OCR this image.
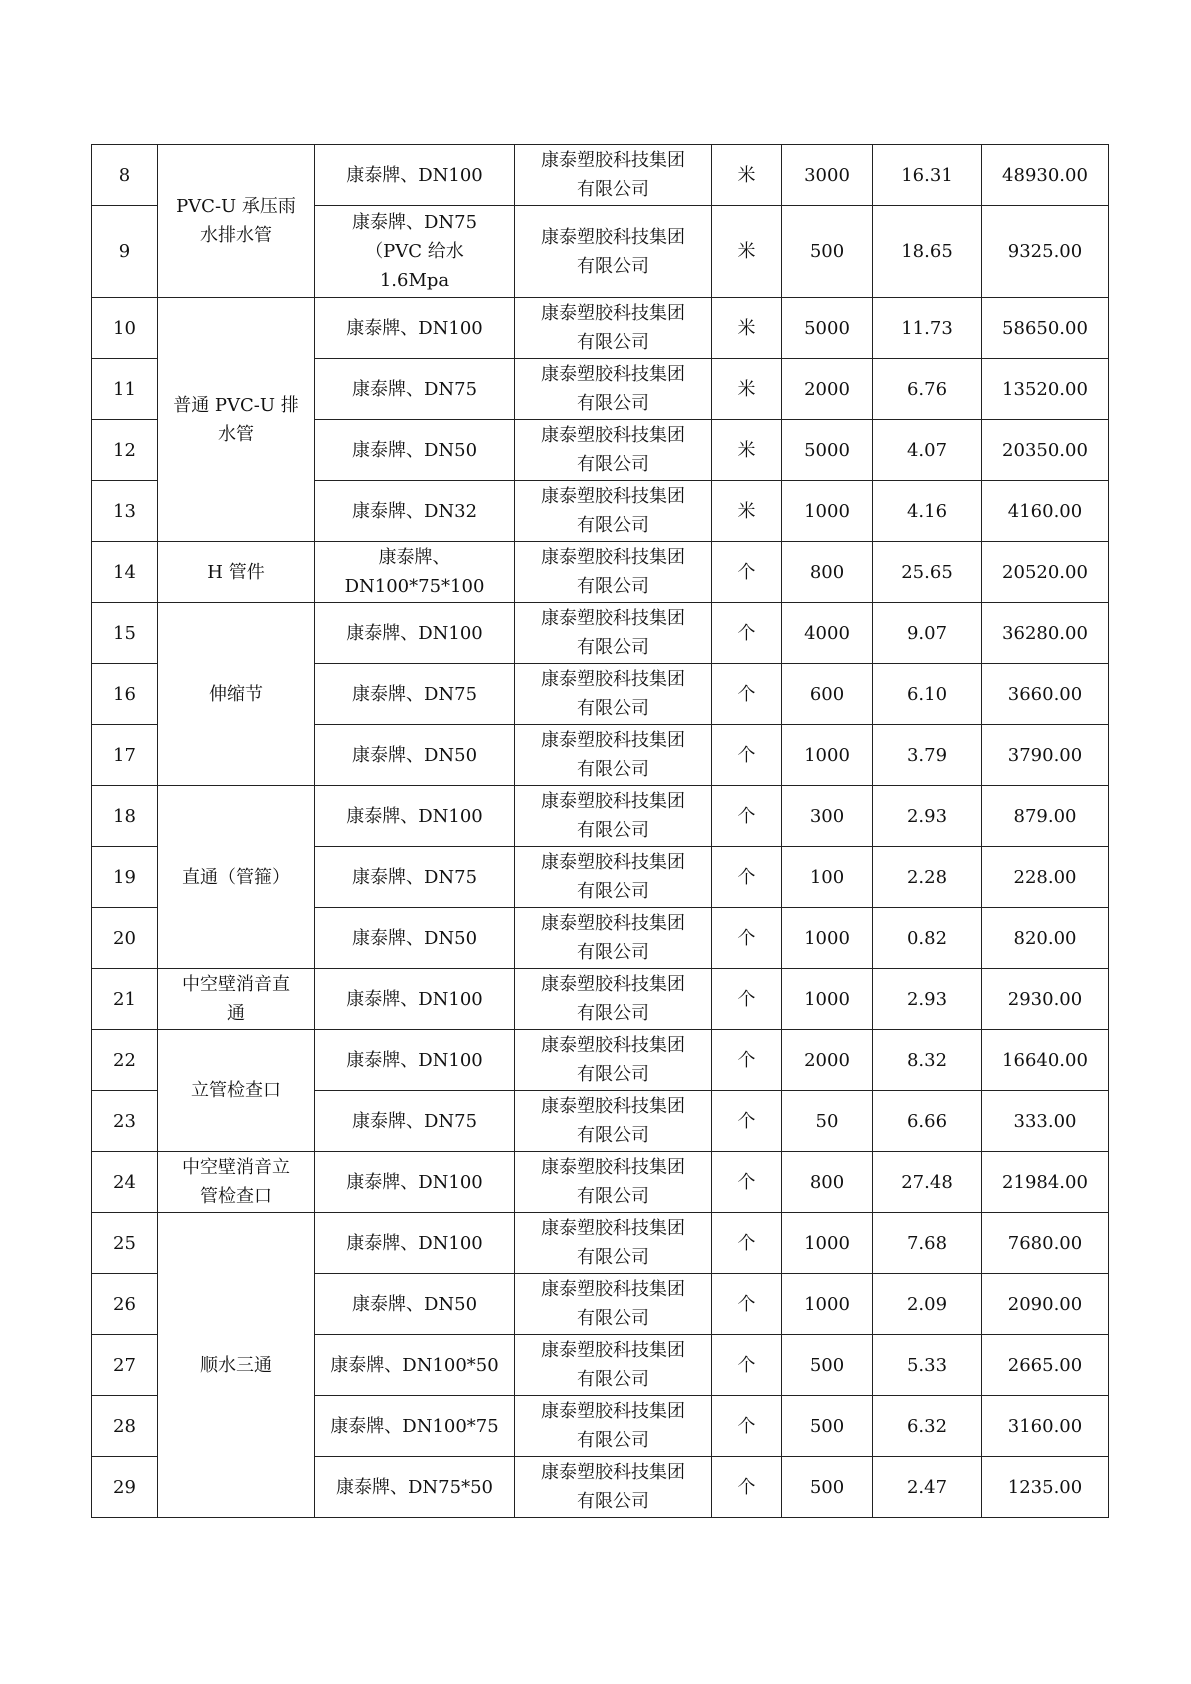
8	PVC-U 承压雨
水排水管	康泰牌、DN100	康泰塑胶科技集团
有限公司	米	3000	16.31	48930.00
9		康泰牌、DN75
（PVC 给水
1.6Mpa	康泰塑胶科技集团
有限公司	米	500	18.65	9325.00
10	普通 PVC-U 排
水管	康泰牌、DN100	康泰塑胶科技集团
有限公司	米	5000	11.73	58650.00
11		康泰牌、DN75	康泰塑胶科技集团
有限公司	米	2000	6.76	13520.00
12		康泰牌、DN50	康泰塑胶科技集团
有限公司	米	5000	4.07	20350.00
13		康泰牌、DN32	康泰塑胶科技集团
有限公司	米	1000	4.16	4160.00
14	H 管件	康泰牌、
DN100*75*100	康泰塑胶科技集团
有限公司	个	800	25.65	20520.00
15	伸缩节	康泰牌、DN100	康泰塑胶科技集团
有限公司	个	4000	9.07	36280.00
16		康泰牌、DN75	康泰塑胶科技集团
有限公司	个	600	6.10	3660.00
17		康泰牌、DN50	康泰塑胶科技集团
有限公司	个	1000	3.79	3790.00
18	直通（管箍）	康泰牌、DN100	康泰塑胶科技集团
有限公司	个	300	2.93	879.00
19		康泰牌、DN75	康泰塑胶科技集团
有限公司	个	100	2.28	228.00
20		康泰牌、DN50	康泰塑胶科技集团
有限公司	个	1000	0.82	820.00
21	中空壁消音直
通	康泰牌、DN100	康泰塑胶科技集团
有限公司	个	1000	2.93	2930.00
22	立管检查口	康泰牌、DN100	康泰塑胶科技集团
有限公司	个	2000	8.32	16640.00
23		康泰牌、DN75	康泰塑胶科技集团
有限公司	个	50	6.66	333.00
24	中空壁消音立
管检查口	康泰牌、DN100	康泰塑胶科技集团
有限公司	个	800	27.48	21984.00
25	顺水三通	康泰牌、DN100	康泰塑胶科技集团
有限公司	个	1000	7.68	7680.00
26		康泰牌、DN50	康泰塑胶科技集团
有限公司	个	1000	2.09	2090.00
27		康泰牌、DN100*50	康泰塑胶科技集团
有限公司	个	500	5.33	2665.00
28		康泰牌、DN100*75	康泰塑胶科技集团
有限公司	个	500	6.32	3160.00
29		康泰牌、DN75*50	康泰塑胶科技集团
有限公司	个	500	2.47	1235.00
